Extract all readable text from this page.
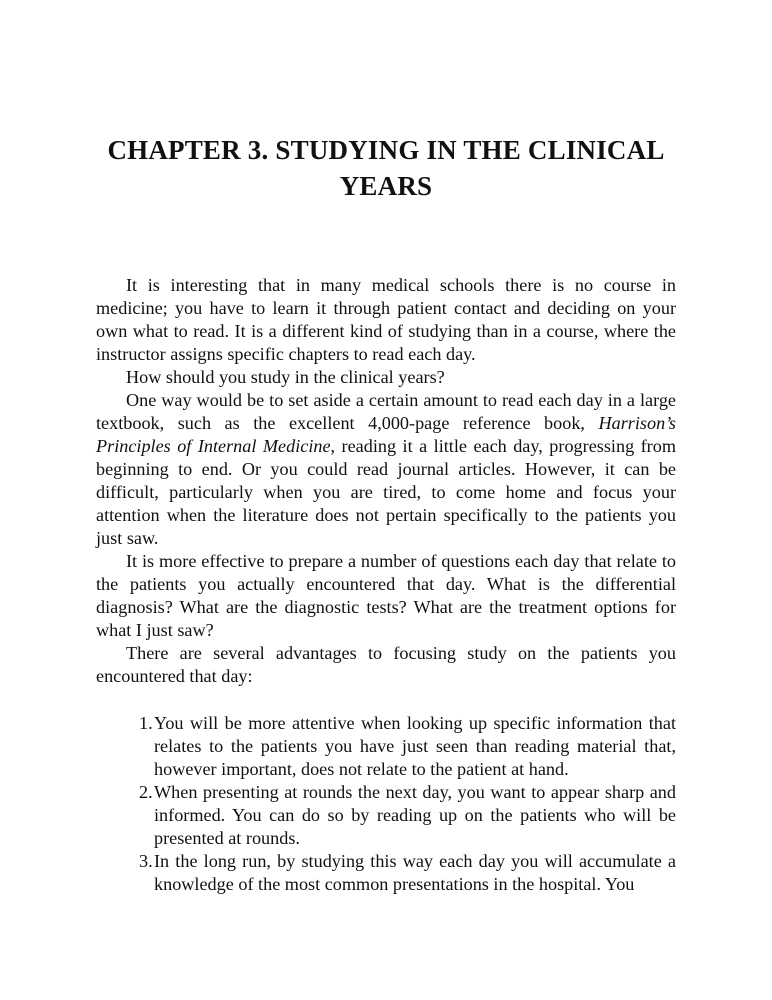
CHAPTER 3. STUDYING IN THE CLINICAL YEARS

It is interesting that in many medical schools there is no course in medicine; you have to learn it through patient contact and deciding on your own what to read. It is a different kind of studying than in a course, where the instructor assigns specific chapters to read each day.

How should you study in the clinical years?

One way would be to set aside a certain amount to read each day in a large textbook, such as the excellent 4,000-page reference book, Harrison’s Principles of Internal Medicine, reading it a little each day, progressing from beginning to end. Or you could read journal articles. However, it can be difficult, particularly when you are tired, to come home and focus your attention when the literature does not pertain specifically to the patients you just saw.

It is more effective to prepare a number of questions each day that relate to the patients you actually encountered that day. What is the differential diagnosis? What are the diagnostic tests? What are the treatment options for what I just saw?

There are several advantages to focusing study on the patients you encountered that day:

1. You will be more attentive when looking up specific information that relates to the patients you have just seen than reading material that, however important, does not relate to the patient at hand.
2. When presenting at rounds the next day, you want to appear sharp and informed. You can do so by reading up on the patients who will be presented at rounds.
3. In the long run, by studying this way each day you will accumulate a knowledge of the most common presentations in the hospital. You
